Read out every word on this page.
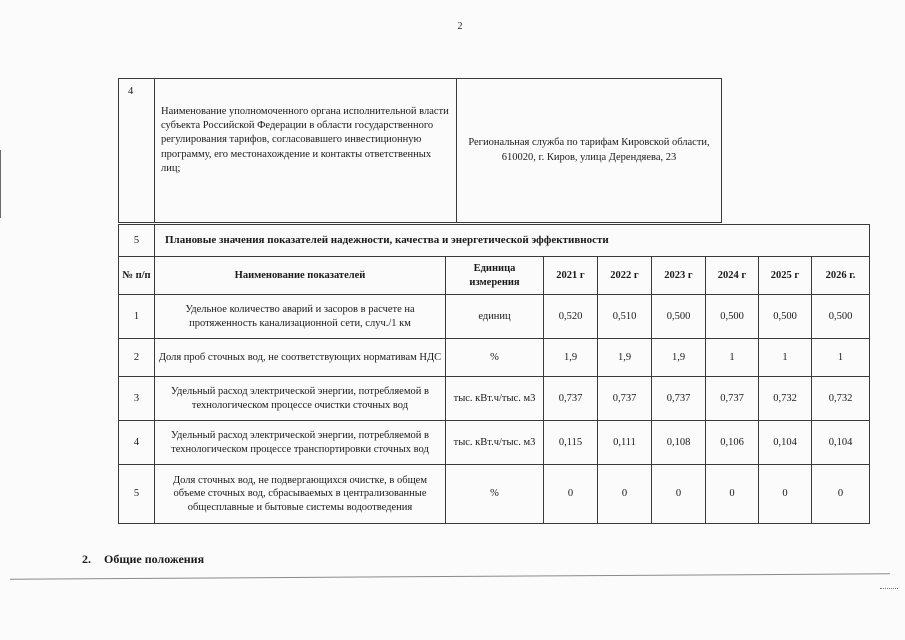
2
4	Наименование уполномоченного органа исполнительной власти субъекта Российской Федерации в области государственного регулирования тарифов, согласовавшего инвестиционную программу, его местонахождение и контакты ответственных лиц;	Региональная служба по тарифам Кировской области, 610020, г. Киров, улица Дерендяева, 23
5	Плановые значения показателей надежности, качества и энергетической эффективности							
№ п/п	Наименование показателей	Единица измерения	2021 г	2022 г	2023 г	2024 г	2025 г	2026 г.
1	Удельное количество аварий и засоров в расчете на протяженность канализационной сети, случ./1 км	единиц	0,520	0,510	0,500	0,500	0,500	0,500
2	Доля проб сточных вод, не соответствующих нормативам НДС	%	1,9	1,9	1,9	1	1	1
3	Удельный расход электрической энергии, потребляемой в технологическом процессе очистки сточных вод	тыс. кВт.ч/тыс. м3	0,737	0,737	0,737	0,737	0,732	0,732
4	Удельный расход электрической энергии, потребляемой в технологическом процессе транспортировки сточных вод	тыс. кВт.ч/тыс. м3	0,115	0,111	0,108	0,106	0,104	0,104
5	Доля сточных вод, не подвергающихся очистке, в общем объеме сточных вод, сбрасываемых в централизованные общесплавные и бытовые системы водоотведения	%	0	0	0	0	0	0
2. Общие положения
